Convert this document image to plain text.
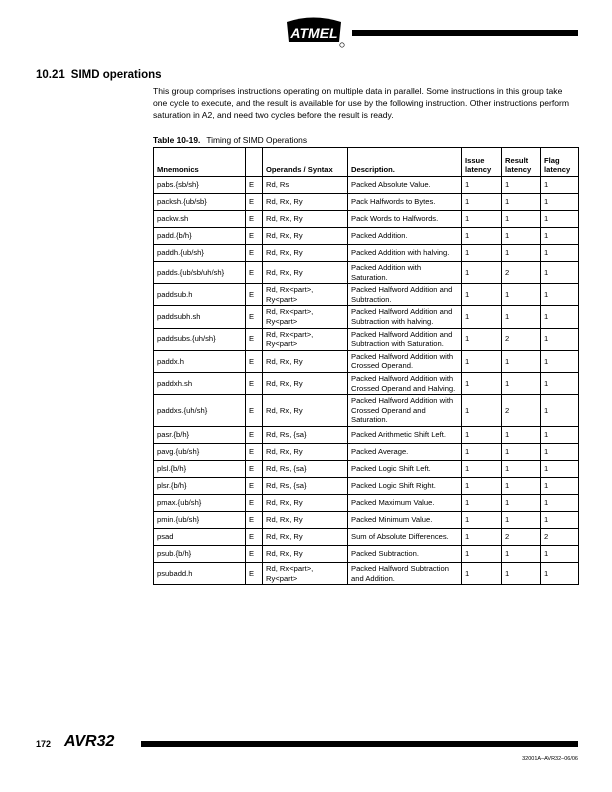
ATMEL
10.21 SIMD operations

This group comprises instructions operating on multiple data in parallel. Some instructions in this group take one cycle to execute, and the result is available for use by the following instruction. Other instructions perform saturation in A2, and need two cycles before the result is ready.

Table 10-19. Timing of SIMD Operations

Mnemonics		Operands / Syntax	Description.	Issue latency	Result latency	Flag latency
pabs.{sb/sh}	E	Rd, Rs	Packed Absolute Value.	1	1	1
packsh.{ub/sb}	E	Rd, Rx, Ry	Pack Halfwords to Bytes.	1	1	1
packw.sh	E	Rd, Rx, Ry	Pack Words to Halfwords.	1	1	1
padd.{b/h}	E	Rd, Rx, Ry	Packed Addition.	1	1	1
paddh.{ub/sh}	E	Rd, Rx, Ry	Packed Addition with halving.	1	1	1
padds.{ub/sb/uh/sh}	E	Rd, Rx, Ry	Packed Addition with Saturation.	1	2	1
paddsub.h	E	Rd, Rx<part>, Ry<part>	Packed Halfword Addition and Subtraction.	1	1	1
paddsubh.sh	E	Rd, Rx<part>, Ry<part>	Packed Halfword Addition and Subtraction with halving.	1	1	1
paddsubs.{uh/sh}	E	Rd, Rx<part>, Ry<part>	Packed Halfword Addition and Subtraction with Saturation.	1	2	1
paddx.h	E	Rd, Rx, Ry	Packed Halfword Addition with Crossed Operand.	1	1	1
paddxh.sh	E	Rd, Rx, Ry	Packed Halfword Addition with Crossed Operand and Halving.	1	1	1
paddxs.{uh/sh}	E	Rd, Rx, Ry	Packed Halfword Addition with Crossed Operand and Saturation.	1	2	1
pasr.{b/h}	E	Rd, Rs, {sa}	Packed Arithmetic Shift Left.	1	1	1
pavg.{ub/sh}	E	Rd, Rx, Ry	Packed Average.	1	1	1
plsl.{b/h}	E	Rd, Rs, {sa}	Packed Logic Shift Left.	1	1	1
plsr.{b/h}	E	Rd, Rs, {sa}	Packed Logic Shift Right.	1	1	1
pmax.{ub/sh}	E	Rd, Rx, Ry	Packed Maximum Value.	1	1	1
pmin.{ub/sh}	E	Rd, Rx, Ry	Packed Minimum Value.	1	1	1
psad	E	Rd, Rx, Ry	Sum of Absolute Differences.	1	2	2
psub.{b/h}	E	Rd, Rx, Ry	Packed Subtraction.	1	1	1
psubadd.h	E	Rd, Rx<part>, Ry<part>	Packed Halfword Subtraction and Addition.	1	1	1
172 AVR32
32001A–AVR32–06/06
